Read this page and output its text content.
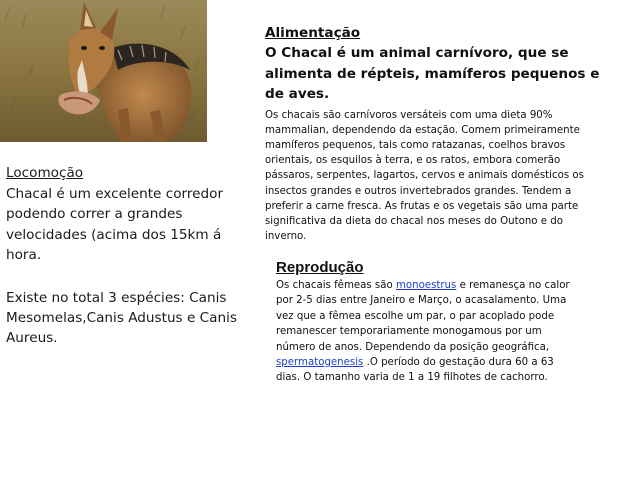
Locomoção
Chacal é um excelente corredor podendo correr a grandes velocidades (acima dos 15km á hora.
Existe no total 3 espécies: Canis Mesomelas,Canis Adustus e Canis Aureus.
Alimentação

O Chacal é um animal carnívoro, que se alimenta de répteis, mamíferos pequenos e de aves.

Os chacais são carnívoros versáteis com uma dieta 90% mammalian, dependendo da estação. Comem primeiramente mamíferos pequenos, tais como ratazanas, coelhos bravos orientais, os esquilos à terra, e os ratos, embora comerão pássaros, serpentes, lagartos, cervos e animais domésticos os insectos grandes e outros invertebrados grandes. Tendem a preferir a carne fresca. As frutas e os vegetais são uma parte significativa da dieta do chacal nos meses do Outono e do inverno.

Reprodução

Os chacais fêmeas são monoestrus e remanesça no calor por 2-5 dias entre Janeiro e Março, o acasalamento. Uma vez que a fêmea escolhe um par, o par acoplado pode remanescer temporariamente monogamous por um número de anos. Dependendo da posição geográfica, spermatogenesis .O período do gestação dura 60 a 63 dias. O tamanho varia de 1 a 19 filhotes de cachorro.
